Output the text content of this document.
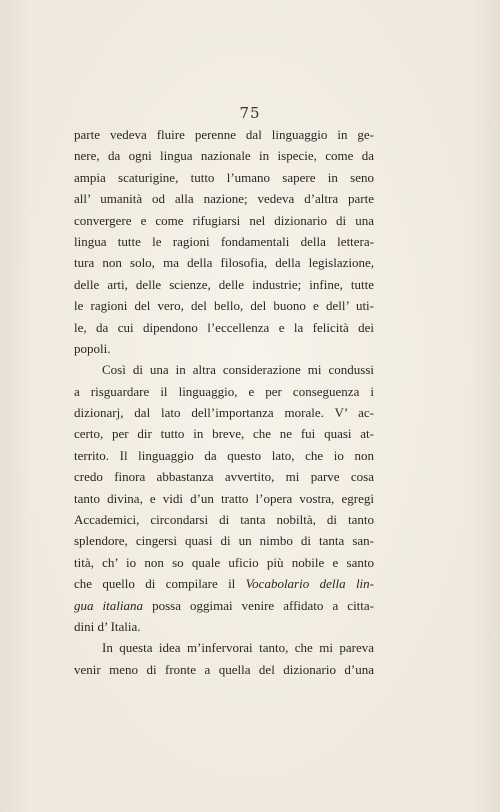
75
parte vedeva fluire perenne dal linguaggio in ge-
nere, da ogni lingua nazionale in ispecie, come da
ampia scaturigine, tutto l’umano sapere in seno
all’ umanità od alla nazione; vedeva d’altra parte
convergere e come rifugiarsi nel dizionario di una
lingua tutte le ragioni fondamentali della lettera-
tura non solo, ma della filosofia, della legislazione,
delle arti, delle scienze, delle industrie; infine, tutte
le ragioni del vero, del bello, del buono e dell’ uti-
le, da cui dipendono l’eccellenza e la felicità dei
popoli.
Così di una in altra considerazione mi condussi
a risguardare il linguaggio, e per conseguenza i
dizionarj, dal lato dell’importanza morale. V’ ac-
certo, per dir tutto in breve, che ne fui quasi at-
territo. Il linguaggio da questo lato, che io non
credo finora abbastanza avvertito, mi parve cosa
tanto divina, e vidi d’un tratto l’opera vostra, egregi
Accademici, circondarsi di tanta nobiltà, di tanto
splendore, cingersi quasi di un nimbo di tanta san-
tità, ch’ io non so quale uficio più nobile e santo
che quello di compilare il Vocabolario della lin-
gua italiana possa oggimai venire affidato a citta-
dini d’ Italia.
In questa idea m’infervorai tanto, che mi pareva
venir meno di fronte a quella del dizionario d’una
